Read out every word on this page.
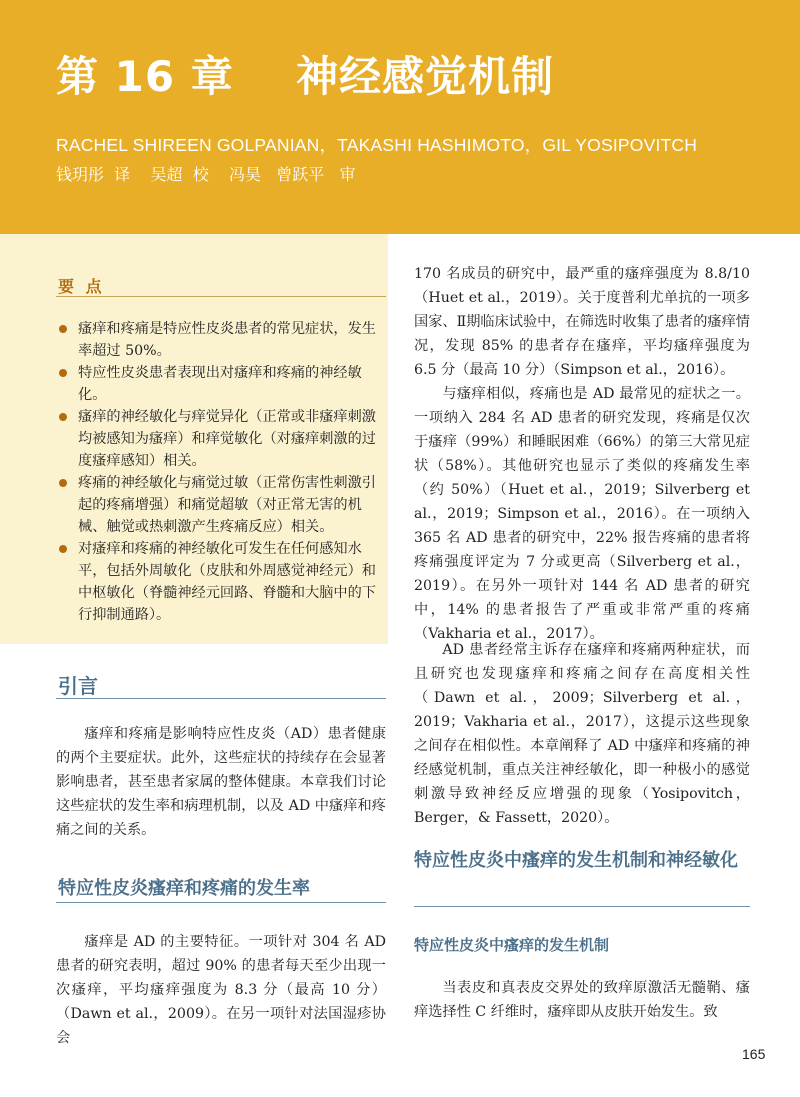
第 16 章    神经感觉机制
RACHEL SHIREEN GOLPANIAN，TAKASHI HASHIMOTO，GIL YOSIPOVITCH
钱玥彤  译    吴超  校    冯昊   曾跃平   审
要 点
瘙痒和疼痛是特应性皮炎患者的常见症状，发生率超过 50%。
特应性皮炎患者表现出对瘙痒和疼痛的神经敏化。
瘙痒的神经敏化与痒觉异化（正常或非瘙痒刺激均被感知为瘙痒）和痒觉敏化（对瘙痒刺激的过度瘙痒感知）相关。
疼痛的神经敏化与痛觉过敏（正常伤害性刺激引起的疼痛增强）和痛觉超敏（对正常无害的机械、触觉或热刺激产生疼痛反应）相关。
对瘙痒和疼痛的神经敏化可发生在任何感知水平，包括外周敏化（皮肤和外周感觉神经元）和中枢敏化（脊髓神经元回路、脊髓和大脑中的下行抑制通路）。
引言

瘙痒和疼痛是影响特应性皮炎（AD）患者健康的两个主要症状。此外，这些症状的持续存在会显著影响患者，甚至患者家属的整体健康。本章我们讨论这些症状的发生率和病理机制，以及 AD 中瘙痒和疼痛之间的关系。

特应性皮炎瘙痒和疼痛的发生率

瘙痒是 AD 的主要特征。一项针对 304 名 AD 患者的研究表明，超过 90% 的患者每天至少出现一次瘙痒，平均瘙痒强度为 8.3 分（最高 10 分）（Dawn et al.，2009）。在另一项针对法国湿疹协会

170 名成员的研究中，最严重的瘙痒强度为 8.8/10（Huet et al.，2019）。关于度普利尤单抗的一项多国家、Ⅱ期临床试验中，在筛选时收集了患者的瘙痒情况，发现 85% 的患者存在瘙痒，平均瘙痒强度为 6.5 分（最高 10 分）（Simpson et al.，2016）。

与瘙痒相似，疼痛也是 AD 最常见的症状之一。一项纳入 284 名 AD 患者的研究发现，疼痛是仅次于瘙痒（99%）和睡眠困难（66%）的第三大常见症状（58%）。其他研究也显示了类似的疼痛发生率（约 50%）（Huet et al.，2019；Silverberg et al.，2019；Simpson et al.，2016）。在一项纳入 365 名 AD 患者的研究中，22% 报告疼痛的患者将疼痛强度评定为 7 分或更高（Silverberg et al.，2019）。在另外一项针对 144 名 AD 患者的研究中，14% 的患者报告了严重或非常严重的疼痛（Vakharia et al.，2017）。

AD 患者经常主诉存在瘙痒和疼痛两种症状，而且研究也发现瘙痒和疼痛之间存在高度相关性（Dawn et al.，2009；Silverberg et al.，2019；Vakharia et al.，2017），这提示这些现象之间存在相似性。本章阐释了 AD 中瘙痒和疼痛的神经感觉机制，重点关注神经敏化，即一种极小的感觉刺激导致神经反应增强的现象（Yosipovitch，Berger，& Fassett，2020）。

特应性皮炎中瘙痒的发生机制和神经敏化
特应性皮炎中瘙痒的发生机制

当表皮和真表皮交界处的致痒原激活无髓鞘、瘙痒选择性 C 纤维时，瘙痒即从皮肤开始发生。致

165
